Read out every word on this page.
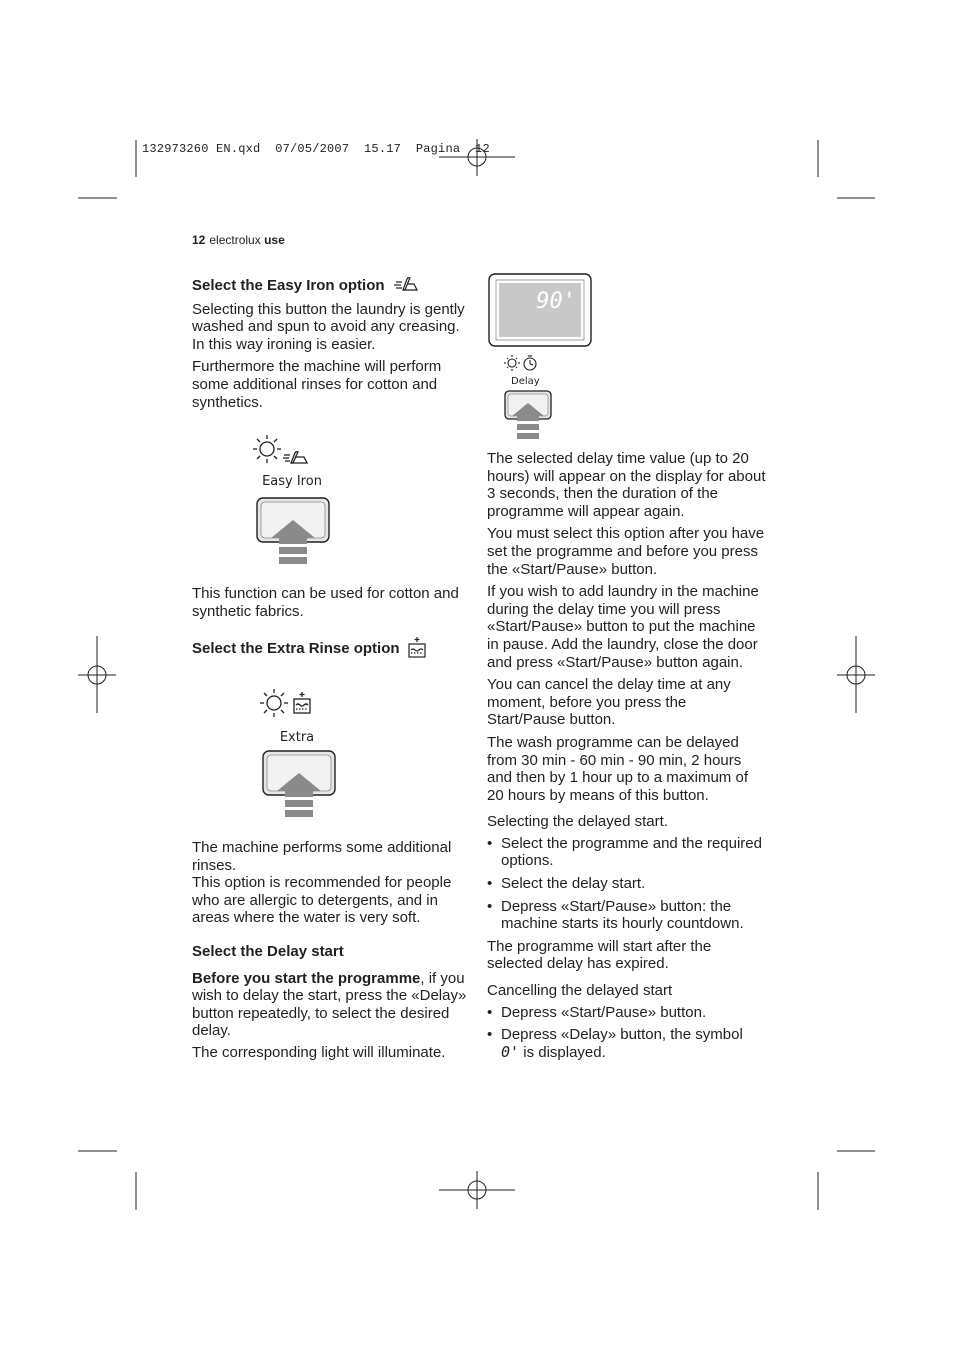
132973260 EN.qxd  07/05/2007  15.17  Pagina  12
12 electrolux use

Select the Easy Iron option

Selecting this button the laundry is gently washed and spun to avoid any creasing. In this way ironing is easier.

Furthermore the machine will perform some additional rinses for cotton and synthetics.

Easy Iron

This function can be used for cotton and synthetic fabrics.

Select the Extra Rinse option

Extra

The machine performs some additional rinses.

This option is recommended for people who are allergic to detergents, and in areas where the water is very soft.

Select the Delay start

Before you start the programme, if you wish to delay the start, press the «Delay» button repeatedly, to select the desired delay.

The corresponding light will illuminate.

90'
Delay

The selected delay time value (up to 20 hours) will appear on the display for about 3 seconds, then the duration of the programme will appear again.

You must select this option after you have set the programme and before you press the «Start/Pause» button.

If you wish to add laundry in the machine during the delay time you will press «Start/Pause» button to put the machine in pause. Add the laundry, close the door and press «Start/Pause» button again.

You can cancel the delay time at any moment, before you press the Start/Pause button.

The wash programme can be delayed from 30 min - 60 min - 90 min, 2 hours and then by 1 hour up to a maximum of 20 hours by means of this button.

Selecting the delayed start.

• Select the programme and the required options.
• Select the delay start.
• Depress «Start/Pause» button: the machine starts its hourly countdown.

The programme will start after the selected delay has expired.

Cancelling the delayed start

• Depress «Start/Pause» button.
• Depress «Delay» button, the symbol
0' is displayed.
